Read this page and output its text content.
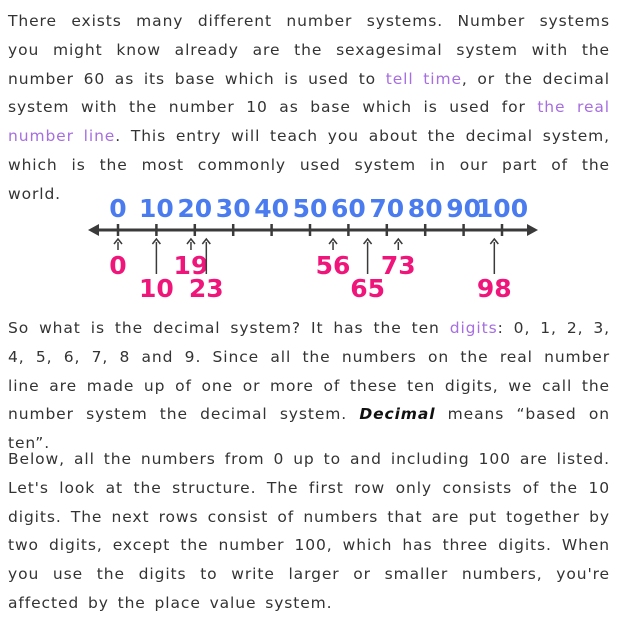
There exists many different number systems. Number systems you might know already are the sexagesimal system with the number 60 as its base which is used to tell time, or the decimal system with the number 10 as base which is used for the real number line. This entry will teach you about the decimal system, which is the most commonly used system in our part of the world.

0 10 20 30 40 50 60 70 80 90
100
0
10
19
23
56
65
73
98

So what is the decimal system? It has the ten digits: 0, 1, 2, 3, 4, 5, 6, 7, 8 and 9. Since all the numbers on the real number line are made up of one or more of these ten digits, we call the number system the decimal system. Decimal means “based on ten”.

Below, all the numbers from 0 up to and including 100 are listed. Let's look at the structure. The first row only consists of the 10 digits. The next rows consist of numbers that are put together by two digits, except the number 100, which has three digits. When you use the digits to write larger or smaller numbers, you're affected by the place value system.
